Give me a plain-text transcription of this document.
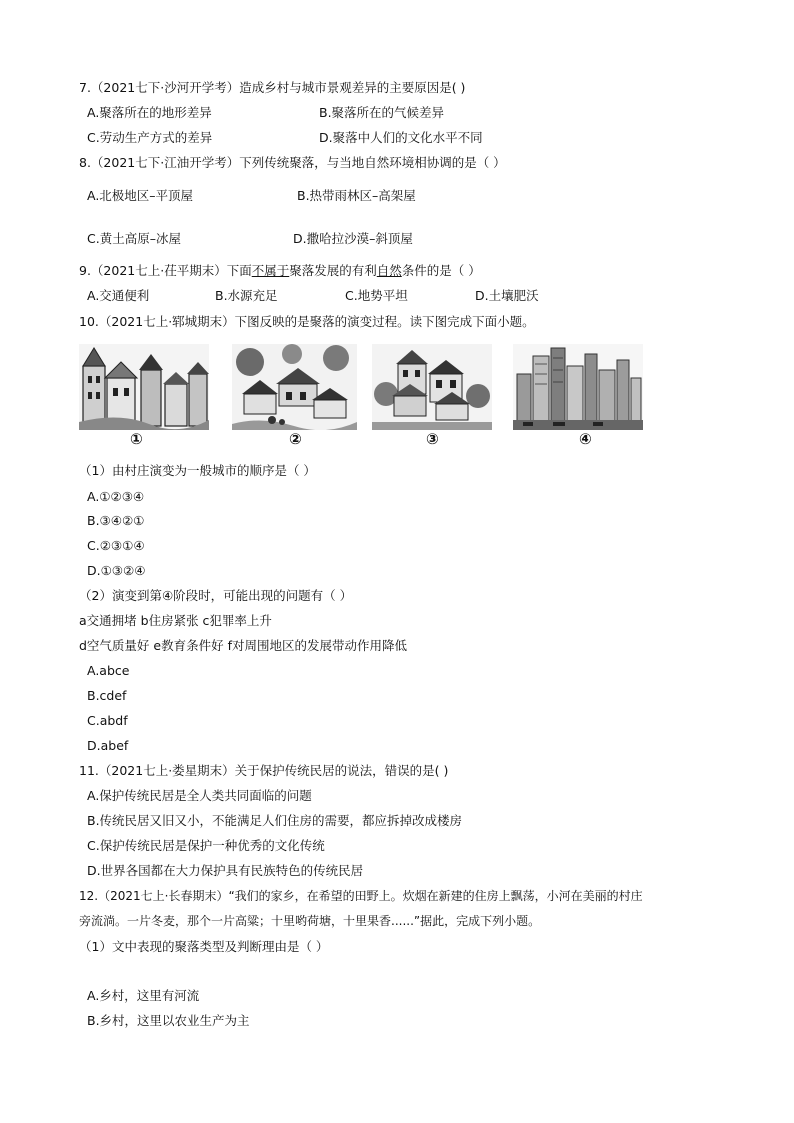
7.（2021七下·沙河开学考）造成乡村与城市景观差异的主要原因是( )
A.聚落所在的地形差异	B.聚落所在的气候差异
C.劳动生产方式的差异	D.聚落中人们的文化水平不同
8.（2021七下·江油开学考）下列传统聚落，与当地自然环境相协调的是（ ）
A.北极地区–平顶屋	B.热带雨林区–高架屋
C.黄土高原–冰屋	D.撒哈拉沙漠–斜顶屋
9.（2021七上·茌平期末）下面不属于聚落发展的有利自然条件的是（ ）
A.交通便利	B.水源充足	C.地势平坦	D.土壤肥沃
10.（2021七上·郓城期末）下图反映的是聚落的演变过程。读下图完成下面小题。
①	②	③	④
（1）由村庄演变为一般城市的顺序是（ ）
A.①②③④
B.③④②①
C.②③①④
D.①③②④
（2）演变到第④阶段时，可能出现的问题有（ ）
a交通拥堵 b住房紧张 c犯罪率上升
d空气质量好 e教育条件好 f对周围地区的发展带动作用降低
A.abce
B.cdef
C.abdf
D.abef
11.（2021七上·娄星期末）关于保护传统民居的说法，错误的是( )
A.保护传统民居是全人类共同面临的问题
B.传统民居又旧又小，不能满足人们住房的需要，都应拆掉改成楼房
C.保护传统民居是保护一种优秀的文化传统
D.世界各国都在大力保护具有民族特色的传统民居
12.（2021七上·长春期末）“我们的家乡，在希望的田野上。炊烟在新建的住房上飘荡，小河在美丽的村庄
旁流淌。一片冬麦，那个一片高粱；十里哟荷塘，十里果香......”据此，完成下列小题。
（1）文中表现的聚落类型及判断理由是（ ）
A.乡村，这里有河流
B.乡村，这里以农业生产为主
